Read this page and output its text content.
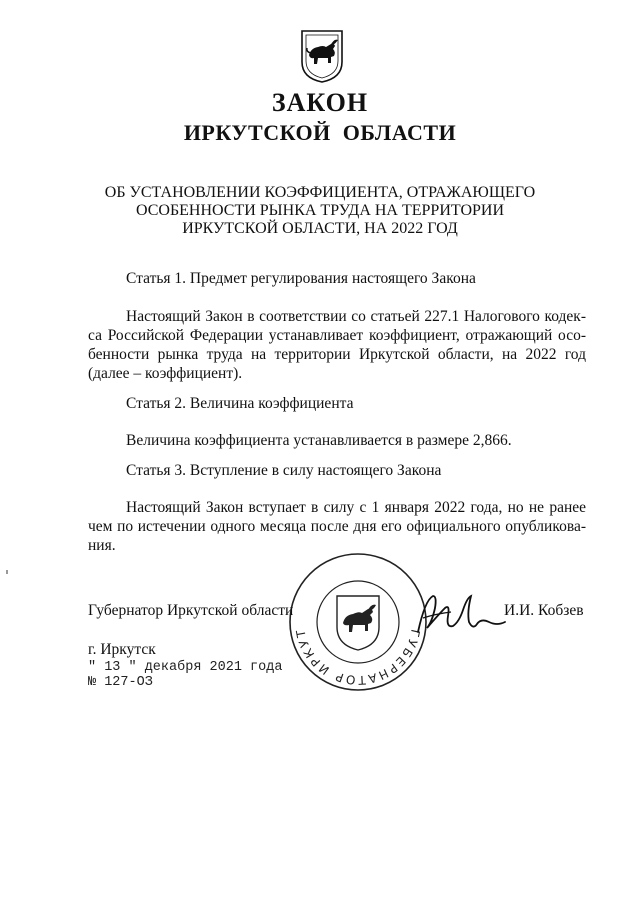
ЗАКОН
ИРКУТСКОЙ ОБЛАСТИ
ОБ УСТАНОВЛЕНИИ КОЭФФИЦИЕНТА, ОТРАЖАЮЩЕГО
ОСОБЕННОСТИ РЫНКА ТРУДА НА ТЕРРИТОРИИ
ИРКУТСКОЙ ОБЛАСТИ, НА 2022 ГОД
Статья 1. Предмет регулирования настоящего Закона
Настоящий Закон в соответствии со статьей 227.1 Налогового кодек-
са Российской Федерации устанавливает коэффициент, отражающий осо-
бенности рынка труда на территории Иркутской области, на 2022 год
(далее – коэффициент).
Статья 2. Величина коэффициента
Величина коэффициента устанавливается в размере 2,866.
Статья 3. Вступление в силу настоящего Закона
Настоящий Закон вступает в силу с 1 января 2022 года, но не ранее
чем по истечении одного месяца после дня его официального опубликова-
ния.
ГУБЕРНАТОР ИРКУТ
Губернатор Иркутской области	И.И. Кобзев
г. Иркутск
" 13 " декабря 2021 года
№ 127-ОЗ
